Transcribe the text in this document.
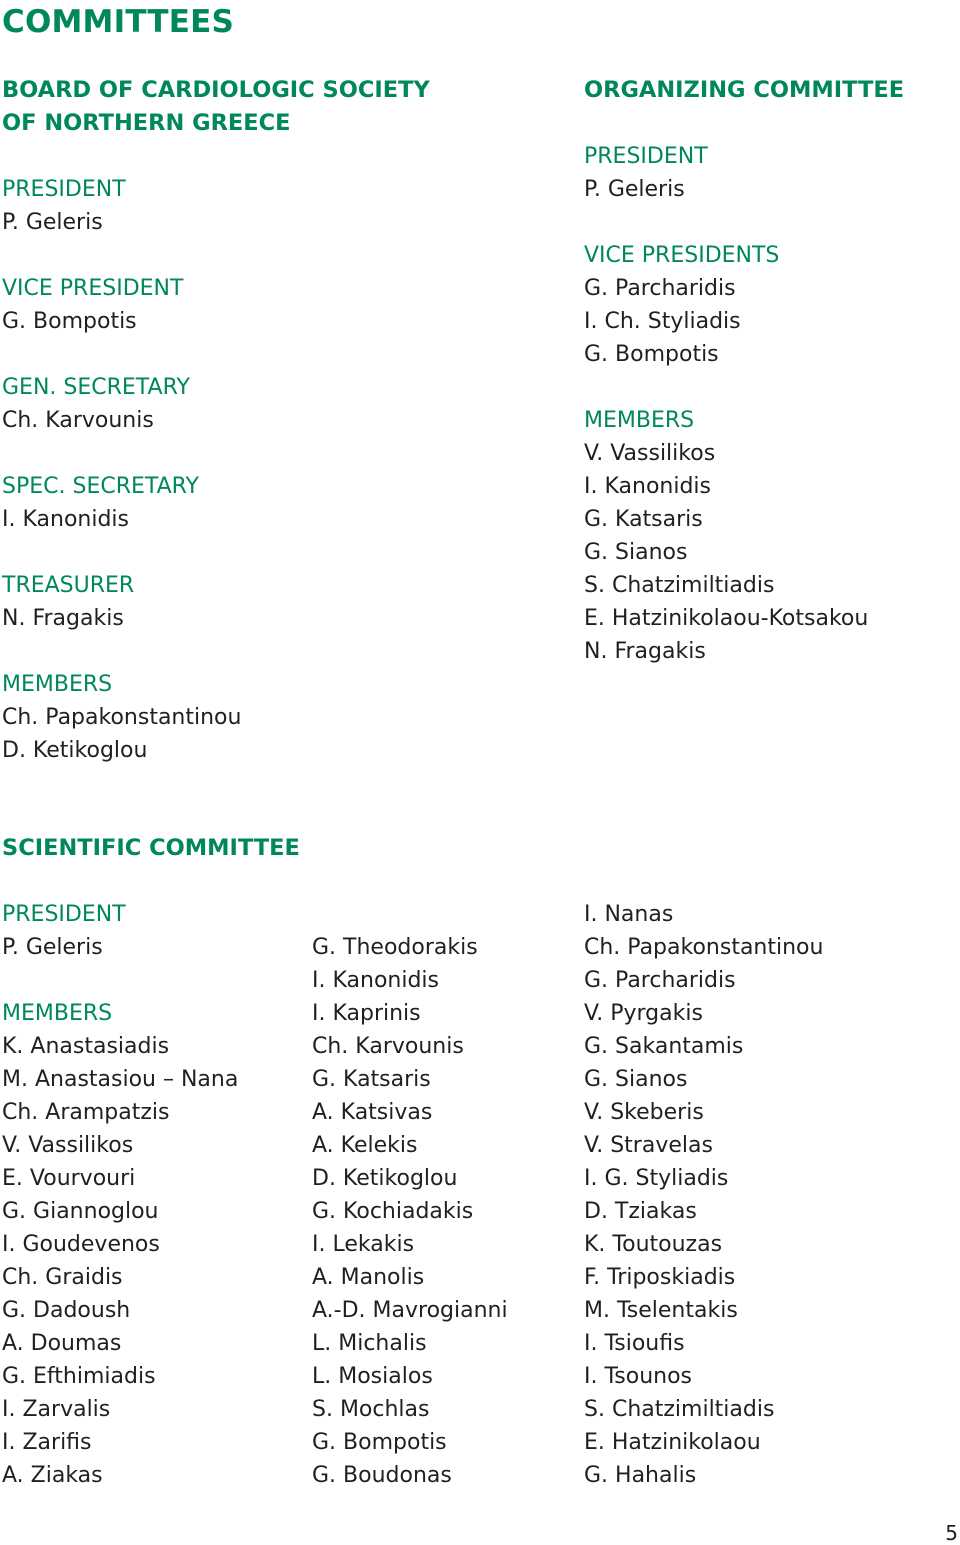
COMMITTEES
BOARD OF CARDIOLOGIC SOCIETY
OF NORTHERN GREECE
PRESIDENT
P. Geleris
VICE PRESIDENT
G. Bompotis
GEN. SECRETARY
Ch. Karvounis
SPEC. SECRETARY
I. Kanonidis
TREASURER
N. Fragakis
MEMBERS
Ch. Papakonstantinou
D. Ketikoglou
ORGANIZING COMMITTEE
PRESIDENT
P. Geleris
VICE PRESIDENTS
G. Parcharidis
I. Ch. Styliadis
G. Bompotis
MEMBERS
V. Vassilikos
I. Kanonidis
G. Katsaris
G. Sianos
S. Chatzimiltiadis
E. Hatzinikolaou-Kotsakou
N. Fragakis
SCIENTIFIC COMMITTEE
PRESIDENT
P. Geleris
MEMBERS
K. Anastasiadis
M. Anastasiou – Nana
Ch. Arampatzis
V. Vassilikos
E. Vourvouri
G. Giannoglou
I. Goudevenos
Ch. Graidis
G. Dadoush
A. Doumas
G. Efthimiadis
I. Zarvalis
I. Zarifis
A. Ziakas
G. Theodorakis
I. Kanonidis
I. Kaprinis
Ch. Karvounis
G. Katsaris
A. Katsivas
A. Kelekis
D. Ketikoglou
G. Kochiadakis
I. Lekakis
A. Manolis
A.-D. Mavrogianni
L. Michalis
L. Mosialos
S. Mochlas
G. Bompotis
G. Boudonas
I. Nanas
Ch. Papakonstantinou
G. Parcharidis
V. Pyrgakis
G. Sakantamis
G. Sianos
V. Skeberis
V. Stravelas
I. G. Styliadis
D. Tziakas
K. Toutouzas
F. Triposkiadis
M. Tselentakis
I. Tsioufis
I. Tsounos
S. Chatzimiltiadis
E. Hatzinikolaou
G. Hahalis
5
